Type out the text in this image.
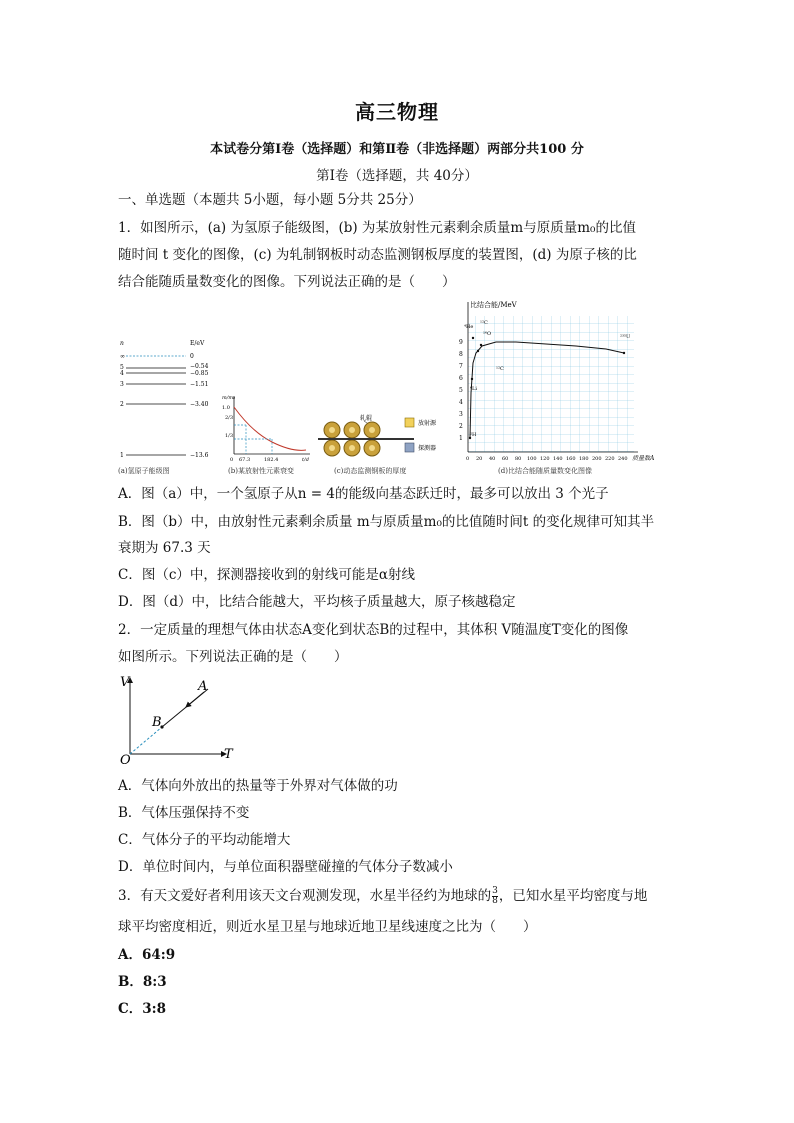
高三物理
本试卷分第Ⅰ卷（选择题）和第Ⅱ卷（非选择题）两部分共100 分
第Ⅰ卷（选择题，共 40分）
一、单选题（本题共 5小题，每小题 5分共 25分）
1．如图所示，(a) 为氢原子能级图，(b) 为某放射性元素剩余质量m与原质量m₀的比值
随时间 t 变化的图像，(c) 为轧制钢板时动态监测钢板厚度的装置图，(d) 为原子核的比
结合能随质量数变化的图像。下列说法正确的是（　　）
n	E/eV
∞	0
5	−0.54
4	−0.85
3	−1.51
2	−3.40
1	−13.6
(a)氢原子能级图
m/m₀
1.0
2/3
1/3
0 67.3	182.4	t/d
(b)某放射性元素衰变
轧辊
放射源
探测器
(c)动态监测钢板的厚度
比结合能/MeV
9
8
7
6
5
4
3
2
1
0 20 40 60 80 100 120 140 160 180 200 220 240 质量数A
⁴He
¹²C
¹⁶O
¹²C
⁶Li
²³⁵U
²H
(d)比结合能随质量数变化图像
A．图（a）中，一个氢原子从n = 4的能级向基态跃迁时，最多可以放出 3 个光子
B．图（b）中，由放射性元素剩余质量 m与原质量m₀的比值随时间t 的变化规律可知其半
衰期为 67.3 天
C．图（c）中，探测器接收到的射线可能是α射线
D．图（d）中，比结合能越大，平均核子质量越大，原子核越稳定
2．一定质量的理想气体由状态A变化到状态B的过程中，其体积 V随温度T变化的图像
如图所示。下列说法正确的是（　　）
V
T
O
A
B
A．气体向外放出的热量等于外界对气体做的功
B．气体压强保持不变
C．气体分子的平均动能增大
D．单位时间内，与单位面积器壁碰撞的气体分子数减小
3．有天文爱好者利用该天文台观测发现，水星半径约为地球的 $\frac{3}{8}$ ，已知水星平均密度与地
球平均密度相近，则近水星卫星与地球近地卫星线速度之比为（　　）
A．64:9
B．8:3
C．3:8
